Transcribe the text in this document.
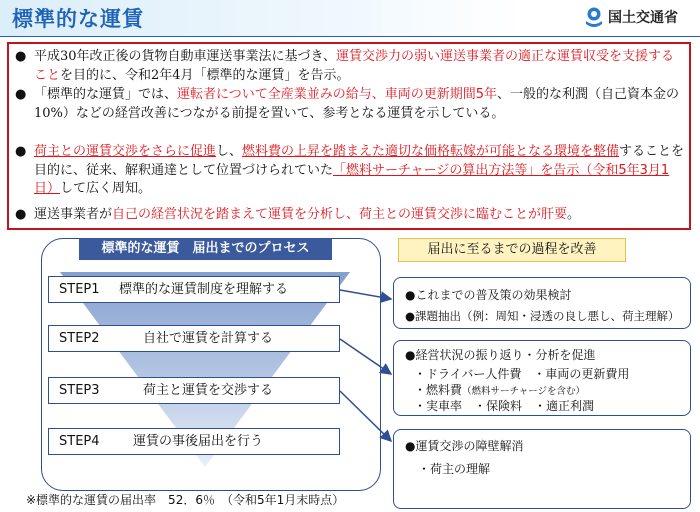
標準的な運賃	国土交通省
● 平成30年改正後の貨物自動車運送事業法に基づき、運賃交渉力の弱い運送事業者の適正な運賃収受を支援することを目的に、令和2年4月「標準的な運賃」を告示。
● 「標準的な運賃」では、運転者について全産業並みの給与、車両の更新期間5年、一般的な利潤（自己資本金の10%）などの経営改善につながる前提を置いて、参考となる運賃を示している。
● 荷主との運賃交渉をさらに促進し、燃料費の上昇を踏まえた適切な価格転嫁が可能となる環境を整備することを目的に、従来、解釈通達として位置づけられていた「燃料サーチャージの算出方法等」を告示（令和5年3月1日）して広く周知。
● 運送事業者が自己の経営状況を踏まえて運賃を分析し、荷主との運賃交渉に臨むことが肝要。
標準的な運賃　届出までのプロセス
STEP1 標準的な運賃制度を理解する
STEP2	自社で運賃を計算する
STEP3	荷主と運賃を交渉する
STEP4	運賃の事後届出を行う
届出に至るまでの過程を改善
●これまでの普及策の効果検討
●課題抽出（例：周知・浸透の良し悪し、荷主理解）
●経営状況の振り返り・分析を促進
・ドライバー人件費　・車両の更新費用
・燃料費 （燃料サーチャージを含む）
・実車率　・保険料　・適正利潤
●運賃交渉の障壁解消
・荷主の理解
※標準的な運賃の届出率　52．6％　（令和5年1月末時点）
